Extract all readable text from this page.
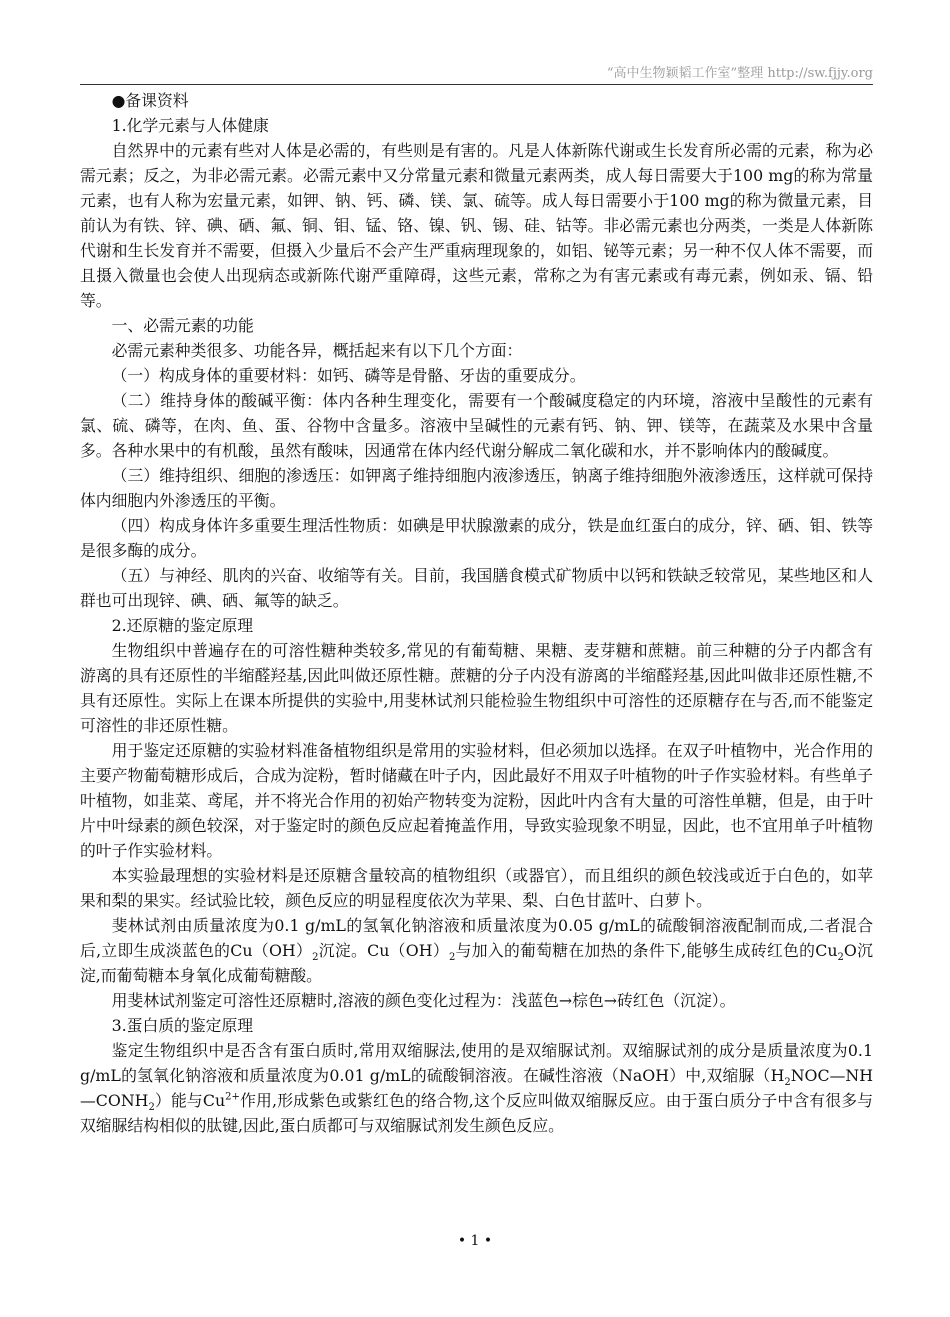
“高中生物颖韬工作室”整理 http://sw.fjjy.org

●备课资料

1.化学元素与人体健康

自然界中的元素有些对人体是必需的，有些则是有害的。凡是人体新陈代谢或生长发育所必需的元素，称为必需元素；反之，为非必需元素。必需元素中又分常量元素和微量元素两类，成人每日需要大于100 mg的称为常量元素，也有人称为宏量元素，如钾、钠、钙、磷、镁、氯、硫等。成人每日需要小于100 mg的称为微量元素，目前认为有铁、锌、碘、硒、氟、铜、钼、锰、铬、镍、钒、锡、硅、钴等。非必需元素也分两类，一类是人体新陈代谢和生长发育并不需要，但摄入少量后不会产生严重病理现象的，如铝、铋等元素；另一种不仅人体不需要，而且摄入微量也会使人出现病态或新陈代谢严重障碍，这些元素，常称之为有害元素或有毒元素，例如汞、镉、铅等。

一、必需元素的功能

必需元素种类很多、功能各异，概括起来有以下几个方面：

（一）构成身体的重要材料：如钙、磷等是骨骼、牙齿的重要成分。

（二）维持身体的酸碱平衡：体内各种生理变化，需要有一个酸碱度稳定的内环境，溶液中呈酸性的元素有氯、硫、磷等，在肉、鱼、蛋、谷物中含量多。溶液中呈碱性的元素有钙、钠、钾、镁等，在蔬菜及水果中含量多。各种水果中的有机酸，虽然有酸味，因通常在体内经代谢分解成二氧化碳和水，并不影响体内的酸碱度。

（三）维持组织、细胞的渗透压：如钾离子维持细胞内液渗透压，钠离子维持细胞外液渗透压，这样就可保持体内细胞内外渗透压的平衡。

（四）构成身体许多重要生理活性物质：如碘是甲状腺激素的成分，铁是血红蛋白的成分，锌、硒、钼、铁等是很多酶的成分。

（五）与神经、肌肉的兴奋、收缩等有关。目前，我国膳食模式矿物质中以钙和铁缺乏较常见，某些地区和人群也可出现锌、碘、硒、氟等的缺乏。

2.还原糖的鉴定原理

生物组织中普遍存在的可溶性糖种类较多,常见的有葡萄糖、果糖、麦芽糖和蔗糖。前三种糖的分子内都含有游离的具有还原性的半缩醛羟基,因此叫做还原性糖。蔗糖的分子内没有游离的半缩醛羟基,因此叫做非还原性糖,不具有还原性。实际上在课本所提供的实验中,用斐林试剂只能检验生物组织中可溶性的还原糖存在与否,而不能鉴定可溶性的非还原性糖。

用于鉴定还原糖的实验材料准备植物组织是常用的实验材料，但必须加以选择。在双子叶植物中，光合作用的主要产物葡萄糖形成后，合成为淀粉，暂时储藏在叶子内，因此最好不用双子叶植物的叶子作实验材料。有些单子叶植物，如韭菜、鸢尾，并不将光合作用的初始产物转变为淀粉，因此叶内含有大量的可溶性单糖，但是，由于叶片中叶绿素的颜色较深，对于鉴定时的颜色反应起着掩盖作用，导致实验现象不明显，因此，也不宜用单子叶植物的叶子作实验材料。

本实验最理想的实验材料是还原糖含量较高的植物组织（或器官），而且组织的颜色较浅或近于白色的，如苹果和梨的果实。经试验比较，颜色反应的明显程度依次为苹果、梨、白色甘蓝叶、白萝卜。

斐林试剂由质量浓度为0.1 g/mL的氢氧化钠溶液和质量浓度为0.05 g/mL的硫酸铜溶液配制而成,二者混合后,立即生成淡蓝色的$Cu(OH)_2$沉淀。$Cu(OH)_2$与加入的葡萄糖在加热的条件下,能够生成砖红色的$Cu_2O$沉淀,而葡萄糖本身氧化成葡萄糖酸。

用斐林试剂鉴定可溶性还原糖时,溶液的颜色变化过程为：浅蓝色→棕色→砖红色（沉淀）。

3.蛋白质的鉴定原理

鉴定生物组织中是否含有蛋白质时,常用双缩脲法,使用的是双缩脲试剂。双缩脲试剂的成分是质量浓度为0.1 g/mL的氢氧化钠溶液和质量浓度为0.01 g/mL的硫酸铜溶液。在碱性溶液（NaOH）中,双缩脲$(H_2NOC—NH—CONH_2)$能与$Cu^{2+}$作用,形成紫色或紫红色的络合物,这个反应叫做双缩脲反应。由于蛋白质分子中含有很多与双缩脲结构相似的肽键,因此,蛋白质都可与双缩脲试剂发生颜色反应。

• 1 •
